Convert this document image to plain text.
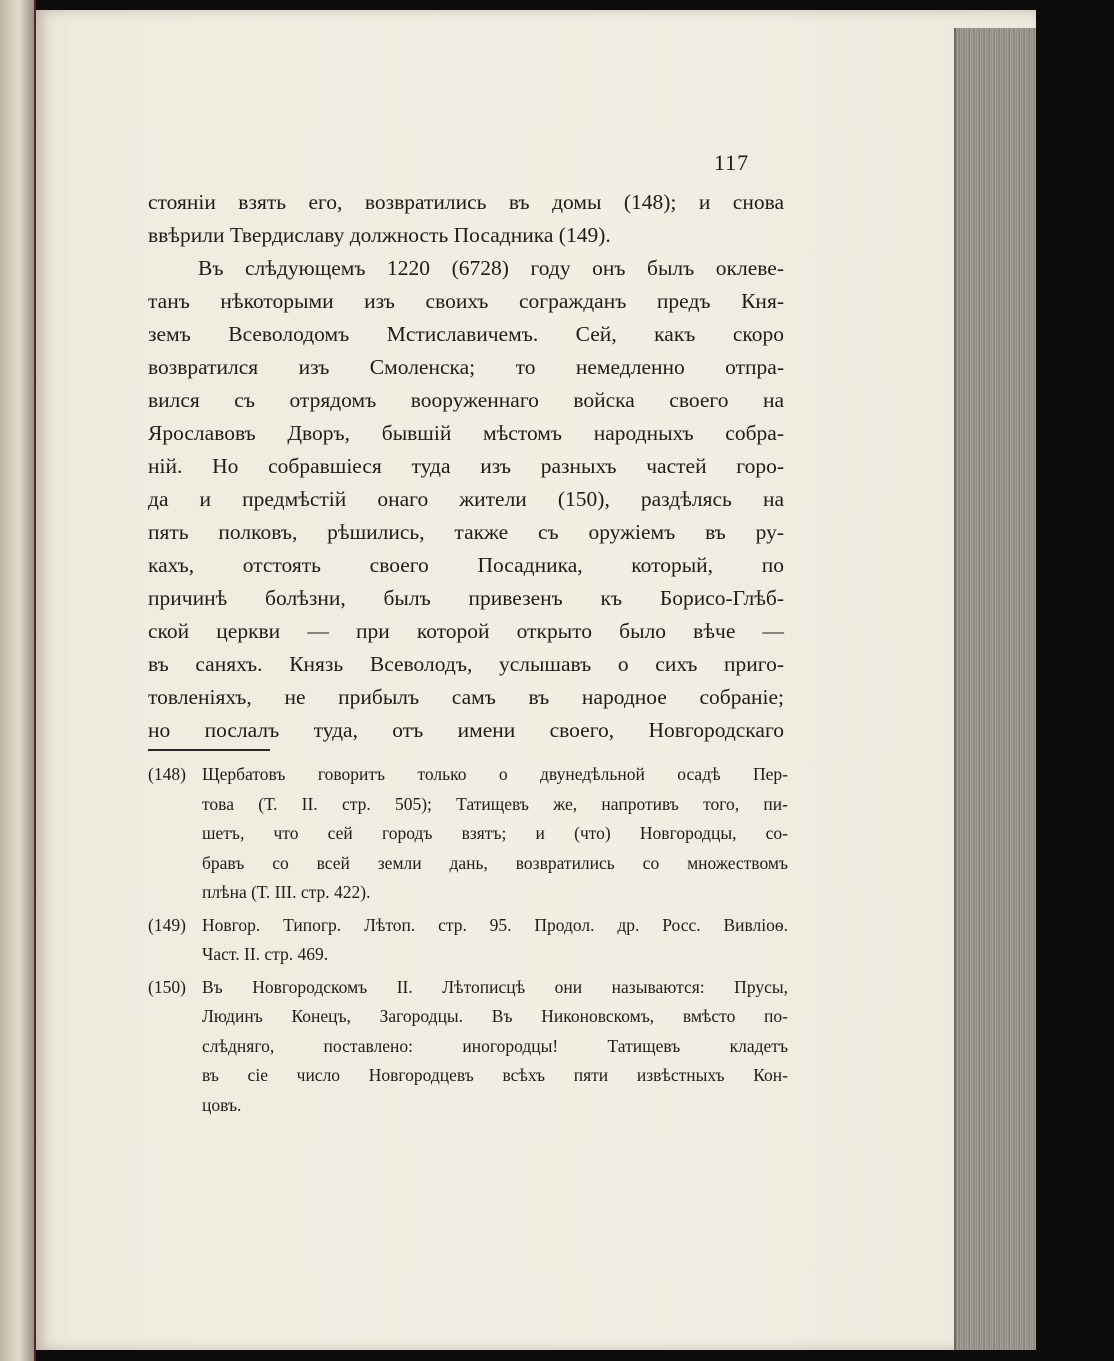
117
стояніи взять его, возвратились въ домы (148); и снова
ввѣрили Твердиславу должность Посадника (149).
Въ слѣдующемъ 1220 (6728) году онъ былъ оклеве-
танъ нѣкоторыми изъ своихъ согражданъ предъ Кня-
земъ Всеволодомъ Мстиславичемъ. Сей, какъ скоро
возвратился изъ Смоленска; то немедленно отпра-
вился съ отрядомъ вооруженнаго войска своего на
Ярославовъ Дворъ, бывшій мѣстомъ народныхъ собра-
ній. Но собравшіеся туда изъ разныхъ частей горо-
да и предмѣстій онаго жители (150), раздѣлясь на
пять полковъ, рѣшились, также съ оружіемъ въ ру-
кахъ, отстоять своего Посадника, который, по
причинѣ болѣзни, былъ привезенъ къ Борисо-Глѣб-
ской церкви — при которой открыто было вѣче —
въ саняхъ. Князь Всеволодъ, услышавъ о сихъ приго-
товленіяхъ, не прибылъ самъ въ народное собраніе;
но послалъ туда, отъ имени своего, Новгородскаго
(148) Щербатовъ говоритъ только о двунедѣльной осадѣ Пер-
това (Т. II. стр. 505); Татищевъ же, напротивъ того, пи-
шетъ, что сей городъ взятъ; и (что) Новгородцы, со-
бравъ со всей земли дань, возвратились со множествомъ
плѣна (Т. III. стр. 422).
(149) Новгор. Типогр. Лѣтоп. стр. 95. Продол. др. Росс. Вивліоѳ.
Част. II. стр. 469.
(150) Въ Новгородскомъ II. Лѣтописцѣ они называются: Прусы,
Людинъ Конецъ, Загородцы. Въ Никоновскомъ, вмѣсто по-
слѣдняго, поставлено: иногородцы! Татищевъ кладетъ
въ сіе число Новгородцевъ всѣхъ пяти извѣстныхъ Кон-
цовъ.
